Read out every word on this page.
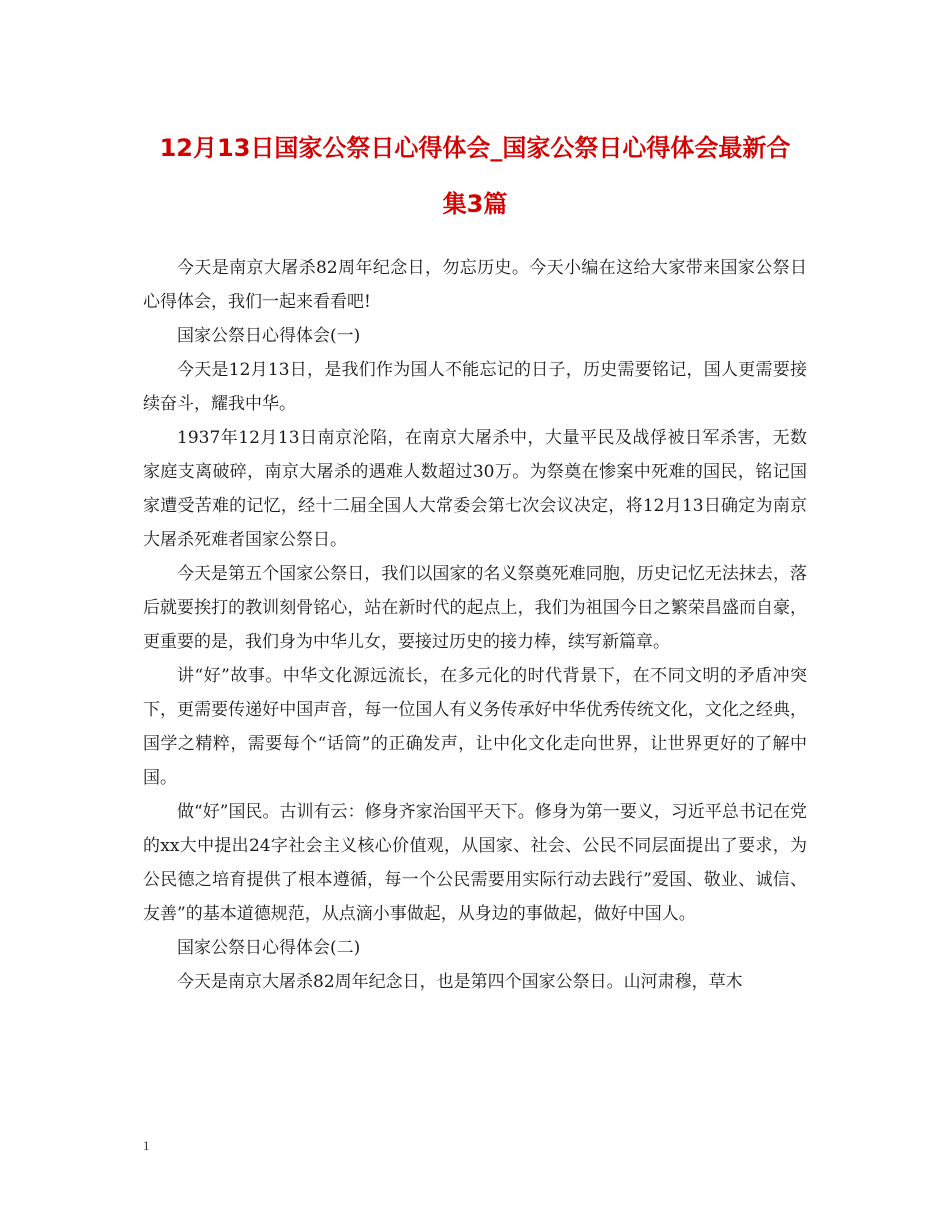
12月13日国家公祭日心得体会_国家公祭日心得体会最新合
集3篇

今天是南京大屠杀82周年纪念日，勿忘历史。今天小编在这给大家带来国家公祭日心得体会，我们一起来看看吧!

国家公祭日心得体会(一)

今天是12月13日，是我们作为国人不能忘记的日子，历史需要铭记，国人更需要接续奋斗，耀我中华。

1937年12月13日南京沦陷，在南京大屠杀中，大量平民及战俘被日军杀害，无数家庭支离破碎，南京大屠杀的遇难人数超过30万。为祭奠在惨案中死难的国民，铭记国家遭受苦难的记忆，经十二届全国人大常委会第七次会议决定，将12月13日确定为南京大屠杀死难者国家公祭日。

今天是第五个国家公祭日，我们以国家的名义祭奠死难同胞，历史记忆无法抹去，落后就要挨打的教训刻骨铭心，站在新时代的起点上，我们为祖国今日之繁荣昌盛而自豪，更重要的是，我们身为中华儿女，要接过历史的接力棒，续写新篇章。

讲“好”故事。中华文化源远流长，在多元化的时代背景下，在不同文明的矛盾冲突下，更需要传递好中国声音，每一位国人有义务传承好中华优秀传统文化，文化之经典，国学之精粹，需要每个“话筒”的正确发声，让中化文化走向世界，让世界更好的了解中国。

做“好”国民。古训有云：修身齐家治国平天下。修身为第一要义，习近平总书记在党的xx大中提出24字社会主义核心价值观，从国家、社会、公民不同层面提出了要求，为公民德之培育提供了根本遵循，每一个公民需要用实际行动去践行”爱国、敬业、诚信、友善”的基本道德规范，从点滴小事做起，从身边的事做起，做好中国人。

国家公祭日心得体会(二)

今天是南京大屠杀82周年纪念日，也是第四个国家公祭日。山河肃穆，草木

1
